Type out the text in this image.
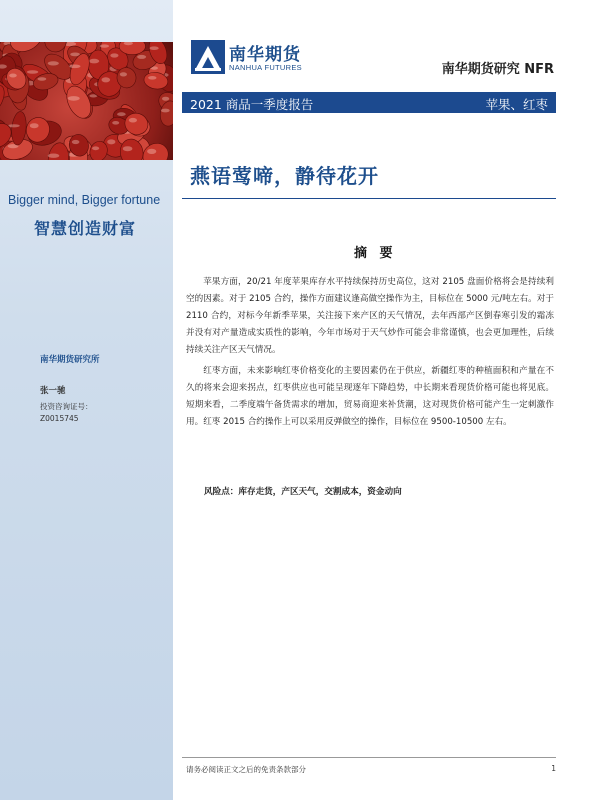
Bigger mind, Bigger fortune
智慧创造财富
南华期货研究所
张一驰
投资咨询证号：
Z0015745
南华期货
NANHUA FUTURES	南华期货研究 NFR
2021 商品一季度报告	苹果、红枣
燕语莺啼，静待花开
摘 要

苹果方面，20/21 年度苹果库存水平持续保持历史高位，这对 2105 盘面价格将会是持续利空的因素。对于 2105 合约，操作方面建议逢高做空操作为主，目标位在 5000 元/吨左右。对于 2110 合约，对标今年新季苹果，关注接下来产区的天气情况，去年西部产区倒春寒引发的霜冻并没有对产量造成实质性的影响，今年市场对于天气炒作可能会非常谨慎，也会更加理性，后续持续关注产区天气情况。

红枣方面，未来影响红枣价格变化的主要因素仍在于供应，新疆红枣的种植面积和产量在不久的将来会迎来拐点，红枣供应也可能呈现逐年下降趋势，中长期来看现货价格可能也将见底。短期来看，二季度端午备货需求的增加，贸易商迎来补货潮，这对现货价格可能产生一定刺激作用。红枣 2015 合约操作上可以采用反弹做空的操作，目标位在 9500-10500 左右。

风险点：库存走货，产区天气，交割成本，资金动向
请务必阅读正文之后的免责条款部分	1
